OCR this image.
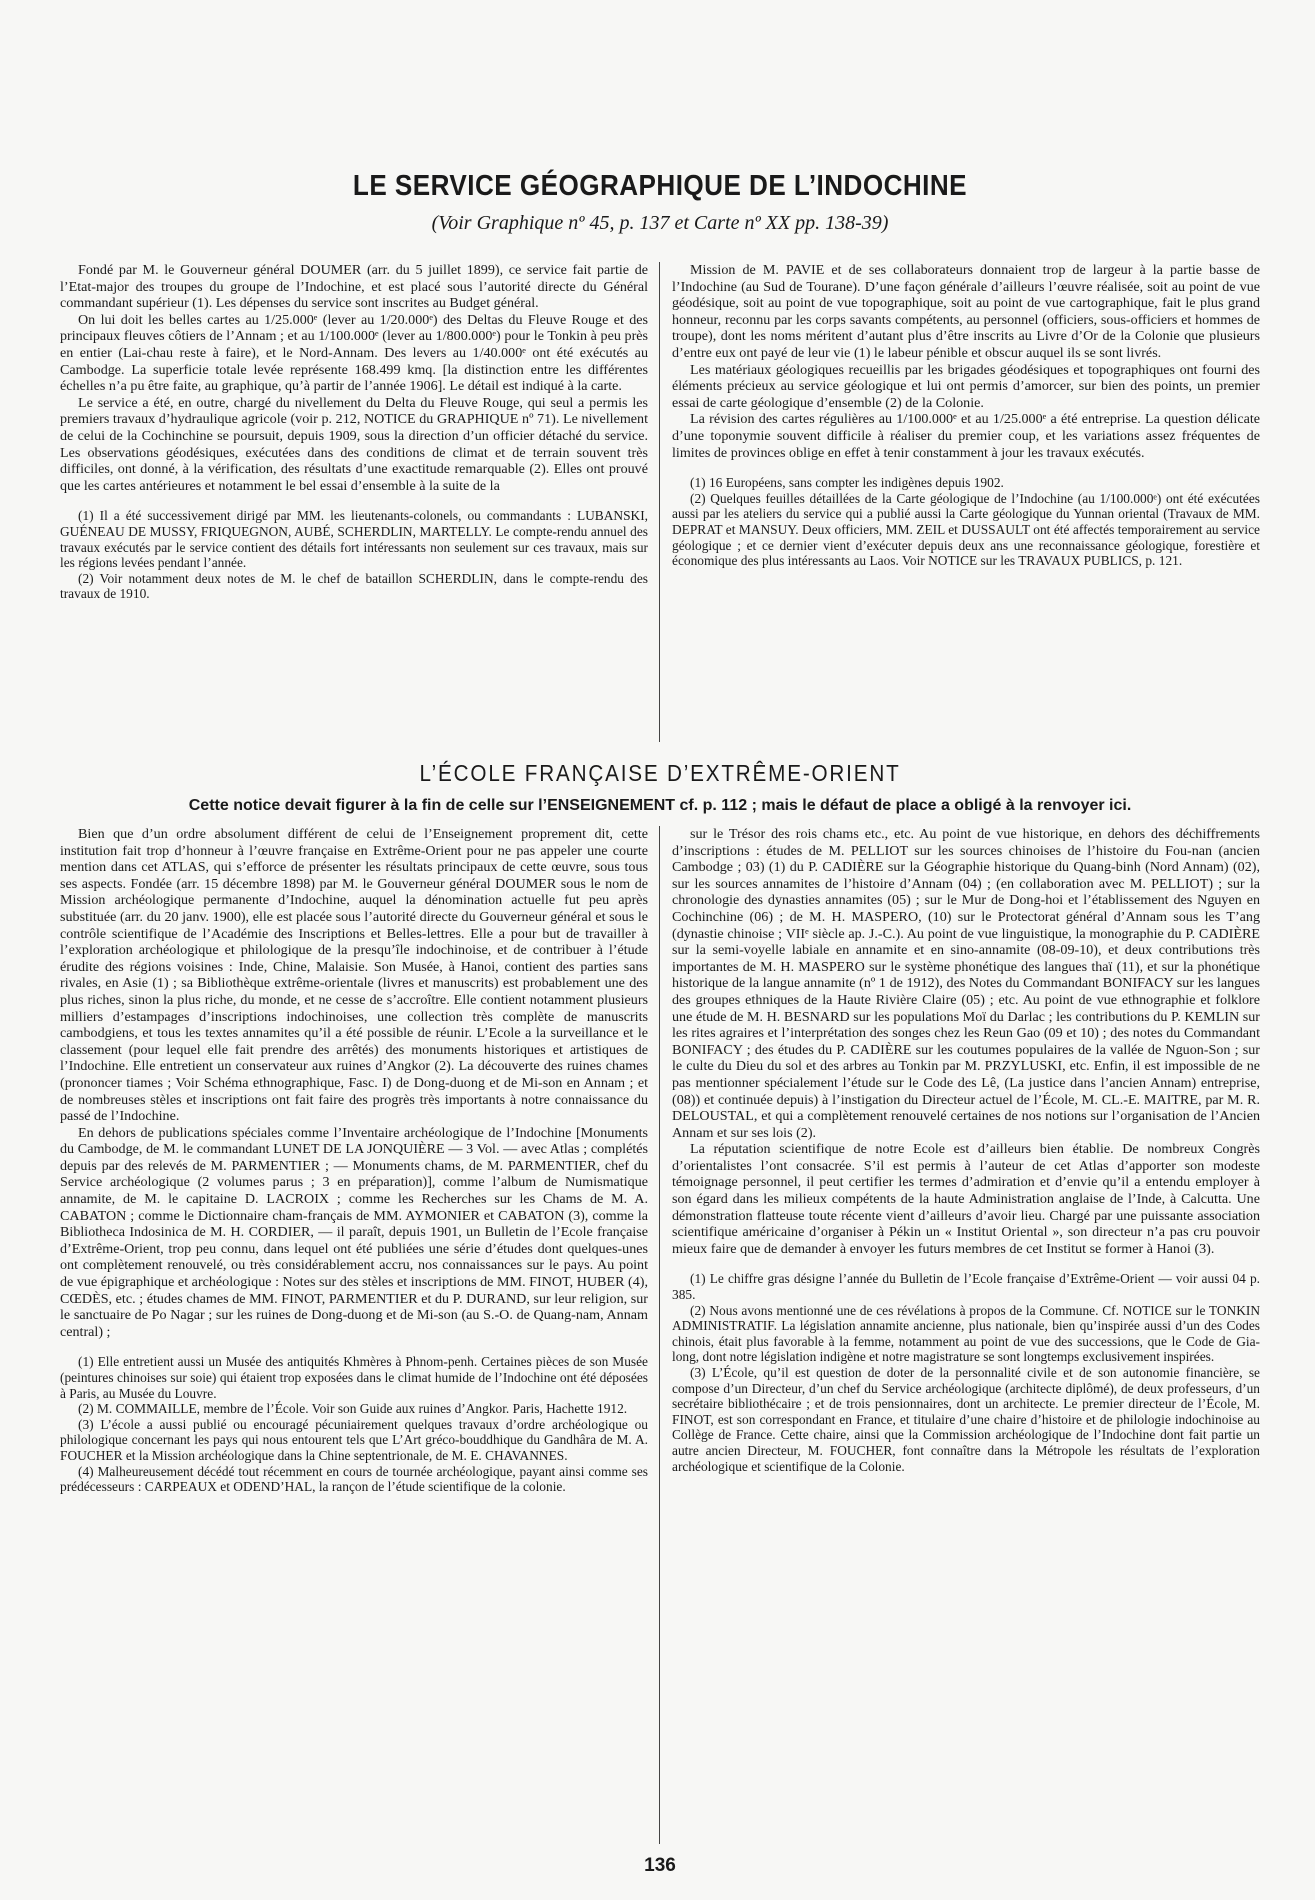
LE SERVICE GÉOGRAPHIQUE DE L’INDOCHINE
(Voir Graphique nº 45, p. 137 et Carte nº XX pp. 138-39)

Fondé par M. le Gouverneur général DOUMER (arr. du 5 juillet 1899), ce service fait partie de l’Etat-major des troupes du groupe de l’Indochine, et est placé sous l’autorité directe du Général commandant supérieur (1). Les dépenses du service sont inscrites au Budget général.

On lui doit les belles cartes au 1/25.000ᵉ (lever au 1/20.000ᵉ) des Deltas du Fleuve Rouge et des principaux fleuves côtiers de l’Annam ; et au 1/100.000ᵉ (lever au 1/800.000ᵉ) pour le Tonkin à peu près en entier (Lai-chau reste à faire), et le Nord-Annam. Des levers au 1/40.000ᵉ ont été exécutés au Cambodge. La superficie totale levée représente 168.499 kmq. [la distinction entre les différentes échelles n’a pu être faite, au graphique, qu’à partir de l’année 1906]. Le détail est indiqué à la carte.

Le service a été, en outre, chargé du nivellement du Delta du Fleuve Rouge, qui seul a permis les premiers travaux d’hydraulique agricole (voir p. 212, NOTICE du GRAPHIQUE nº 71). Le nivellement de celui de la Cochinchine se poursuit, depuis 1909, sous la direction d’un officier détaché du service. Les observations géodésiques, exécutées dans des conditions de climat et de terrain souvent très difficiles, ont donné, à la vérification, des résultats d’une exactitude remarquable (2). Elles ont prouvé que les cartes antérieures et notamment le bel essai d’ensemble à la suite de la

(1) Il a été successivement dirigé par MM. les lieutenants-colonels, ou commandants : LUBANSKI, GUÉNEAU DE MUSSY, FRIQUEGNON, AUBÉ, SCHERDLIN, MARTELLY. Le compte-rendu annuel des travaux exécutés par le service contient des détails fort intéressants non seulement sur ces travaux, mais sur les régions levées pendant l’année.

(2) Voir notamment deux notes de M. le chef de bataillon SCHERDLIN, dans le compte-rendu des travaux de 1910.

Mission de M. PAVIE et de ses collaborateurs donnaient trop de largeur à la partie basse de l’Indochine (au Sud de Tourane). D’une façon générale d’ailleurs l’œuvre réalisée, soit au point de vue géodésique, soit au point de vue topographique, soit au point de vue cartographique, fait le plus grand honneur, reconnu par les corps savants compétents, au personnel (officiers, sous-officiers et hommes de troupe), dont les noms méritent d’autant plus d’être inscrits au Livre d’Or de la Colonie que plusieurs d’entre eux ont payé de leur vie (1) le labeur pénible et obscur auquel ils se sont livrés.

Les matériaux géologiques recueillis par les brigades géodésiques et topographiques ont fourni des éléments précieux au service géologique et lui ont permis d’amorcer, sur bien des points, un premier essai de carte géologique d’ensemble (2) de la Colonie.

La révision des cartes régulières au 1/100.000ᵉ et au 1/25.000ᵉ a été entreprise. La question délicate d’une toponymie souvent difficile à réaliser du premier coup, et les variations assez fréquentes de limites de provinces oblige en effet à tenir constamment à jour les travaux exécutés.

(1) 16 Européens, sans compter les indigènes depuis 1902.

(2) Quelques feuilles détaillées de la Carte géologique de l’Indochine (au 1/100.000ᵉ) ont été exécutées aussi par les ateliers du service qui a publié aussi la Carte géologique du Yunnan oriental (Travaux de MM. DEPRAT et MANSUY. Deux officiers, MM. ZEIL et DUSSAULT ont été affectés temporairement au service géologique ; et ce dernier vient d’exécuter depuis deux ans une reconnaissance géologique, forestière et économique des plus intéressants au Laos. Voir NOTICE sur les TRAVAUX PUBLICS, p. 121.

L’ÉCOLE FRANÇAISE D’EXTRÊME-ORIENT
Cette notice devait figurer à la fin de celle sur l’ENSEIGNEMENT cf. p. 112 ; mais le défaut de place a obligé à la renvoyer ici.

Bien que d’un ordre absolument différent de celui de l’Enseignement proprement dit, cette institution fait trop d’honneur à l’œuvre française en Extrême-Orient pour ne pas appeler une courte mention dans cet ATLAS, qui s’efforce de présenter les résultats principaux de cette œuvre, sous tous ses aspects. Fondée (arr. 15 décembre 1898) par M. le Gouverneur général DOUMER sous le nom de Mission archéologique permanente d’Indochine, auquel la dénomination actuelle fut peu après substituée (arr. du 20 janv. 1900), elle est placée sous l’autorité directe du Gouverneur général et sous le contrôle scientifique de l’Académie des Inscriptions et Belles-lettres. Elle a pour but de travailler à l’exploration archéologique et philologique de la presqu’île indochinoise, et de contribuer à l’étude érudite des régions voisines : Inde, Chine, Malaisie. Son Musée, à Hanoi, contient des parties sans rivales, en Asie (1) ; sa Bibliothèque extrême-orientale (livres et manuscrits) est probablement une des plus riches, sinon la plus riche, du monde, et ne cesse de s’accroître. Elle contient notamment plusieurs milliers d’estampages d’inscriptions indochinoises, une collection très complète de manuscrits cambodgiens, et tous les textes annamites qu’il a été possible de réunir. L’Ecole a la surveillance et le classement (pour lequel elle fait prendre des arrêtés) des monuments historiques et artistiques de l’Indochine. Elle entretient un conservateur aux ruines d’Angkor (2). La découverte des ruines chames (prononcer tiames ; Voir Schéma ethnographique, Fasc. I) de Dong-duong et de Mi-son en Annam ; et de nombreuses stèles et inscriptions ont fait faire des progrès très importants à notre connaissance du passé de l’Indochine.

En dehors de publications spéciales comme l’Inventaire archéologique de l’Indochine [Monuments du Cambodge, de M. le commandant LUNET DE LA JONQUIÈRE — 3 Vol. — avec Atlas ; complétés depuis par des relevés de M. PARMENTIER ; — Monuments chams, de M. PARMENTIER, chef du Service archéologique (2 volumes parus ; 3 en préparation)], comme l’album de Numismatique annamite, de M. le capitaine D. LACROIX ; comme les Recherches sur les Chams de M. A. CABATON ; comme le Dictionnaire cham-français de MM. AYMONIER et CABATON (3), comme la Bibliotheca Indosinica de M. H. CORDIER, — il paraît, depuis 1901, un Bulletin de l’Ecole française d’Extrême-Orient, trop peu connu, dans lequel ont été publiées une série d’études dont quelques-unes ont complètement renouvelé, ou très considérablement accru, nos connaissances sur le pays. Au point de vue épigraphique et archéologique : Notes sur des stèles et inscriptions de MM. FINOT, HUBER (4), CŒDÈS, etc. ; études chames de MM. FINOT, PARMENTIER et du P. DURAND, sur leur religion, sur le sanctuaire de Po Nagar ; sur les ruines de Dong-duong et de Mi-son (au S.-O. de Quang-nam, Annam central) ;

(1) Elle entretient aussi un Musée des antiquités Khmères à Phnom-penh. Certaines pièces de son Musée (peintures chinoises sur soie) qui étaient trop exposées dans le climat humide de l’Indochine ont été déposées à Paris, au Musée du Louvre.

(2) M. COMMAILLE, membre de l’École. Voir son Guide aux ruines d’Angkor. Paris, Hachette 1912.

(3) L’école a aussi publié ou encouragé pécuniairement quelques travaux d’ordre archéologique ou philologique concernant les pays qui nous entourent tels que L’Art gréco-bouddhique du Gandhâra de M. A. FOUCHER et la Mission archéologique dans la Chine septentrionale, de M. E. CHAVANNES.

(4) Malheureusement décédé tout récemment en cours de tournée archéologique, payant ainsi comme ses prédécesseurs : CARPEAUX et ODEND’HAL, la rançon de l’étude scientifique de la colonie.

sur le Trésor des rois chams etc., etc. Au point de vue historique, en dehors des déchiffrements d’inscriptions : études de M. PELLIOT sur les sources chinoises de l’histoire du Fou-nan (ancien Cambodge ; 03) (1) du P. CADIÈRE sur la Géographie historique du Quang-binh (Nord Annam) (02), sur les sources annamites de l’histoire d’Annam (04) ; (en collaboration avec M. PELLIOT) ; sur la chronologie des dynasties annamites (05) ; sur le Mur de Dong-hoi et l’établissement des Nguyen en Cochinchine (06) ; de M. H. MASPERO, (10) sur le Protectorat général d’Annam sous les T’ang (dynastie chinoise ; VIIᵉ siècle ap. J.-C.). Au point de vue linguistique, la monographie du P. CADIÈRE sur la semi-voyelle labiale en annamite et en sino-annamite (08-09-10), et deux contributions très importantes de M. H. MASPERO sur le système phonétique des langues thaï (11), et sur la phonétique historique de la langue annamite (nº 1 de 1912), des Notes du Commandant BONIFACY sur les langues des groupes ethniques de la Haute Rivière Claire (05) ; etc. Au point de vue ethnographie et folklore une étude de M. H. BESNARD sur les populations Moï du Darlac ; les contributions du P. KEMLIN sur les rites agraires et l’interprétation des songes chez les Reun Gao (09 et 10) ; des notes du Commandant BONIFACY ; des études du P. CADIÈRE sur les coutumes populaires de la vallée de Nguon-Son ; sur le culte du Dieu du sol et des arbres au Tonkin par M. PRZYLUSKI, etc. Enfin, il est impossible de ne pas mentionner spécialement l’étude sur le Code des Lê, (La justice dans l’ancien Annam) entreprise, (08)) et continuée depuis) à l’instigation du Directeur actuel de l’École, M. CL.-E. MAITRE, par M. R. DELOUSTAL, et qui a complètement renouvelé certaines de nos notions sur l’organisation de l’Ancien Annam et sur ses lois (2).

La réputation scientifique de notre Ecole est d’ailleurs bien établie. De nombreux Congrès d’orientalistes l’ont consacrée. S’il est permis à l’auteur de cet Atlas d’apporter son modeste témoignage personnel, il peut certifier les termes d’admiration et d’envie qu’il a entendu employer à son égard dans les milieux compétents de la haute Administration anglaise de l’Inde, à Calcutta. Une démonstration flatteuse toute récente vient d’ailleurs d’avoir lieu. Chargé par une puissante association scientifique américaine d’organiser à Pékin un « Institut Oriental », son directeur n’a pas cru pouvoir mieux faire que de demander à envoyer les futurs membres de cet Institut se former à Hanoi (3).

(1) Le chiffre gras désigne l’année du Bulletin de l’Ecole française d’Extrême-Orient — voir aussi 04 p. 385.

(2) Nous avons mentionné une de ces révélations à propos de la Commune. Cf. NOTICE sur le TONKIN ADMINISTRATIF. La législation annamite ancienne, plus nationale, bien qu’inspirée aussi d’un des Codes chinois, était plus favorable à la femme, notamment au point de vue des successions, que le Code de Gia-long, dont notre législation indigène et notre magistrature se sont longtemps exclusivement inspirées.

(3) L’École, qu’il est question de doter de la personnalité civile et de son autonomie financière, se compose d’un Directeur, d’un chef du Service archéologique (architecte diplômé), de deux professeurs, d’un secrétaire bibliothécaire ; et de trois pensionnaires, dont un architecte. Le premier directeur de l’École, M. FINOT, est son correspondant en France, et titulaire d’une chaire d’histoire et de philologie indochinoise au Collège de France. Cette chaire, ainsi que la Commission archéologique de l’Indochine dont fait partie un autre ancien Directeur, M. FOUCHER, font connaître dans la Métropole les résultats de l’exploration archéologique et scientifique de la Colonie.

136
